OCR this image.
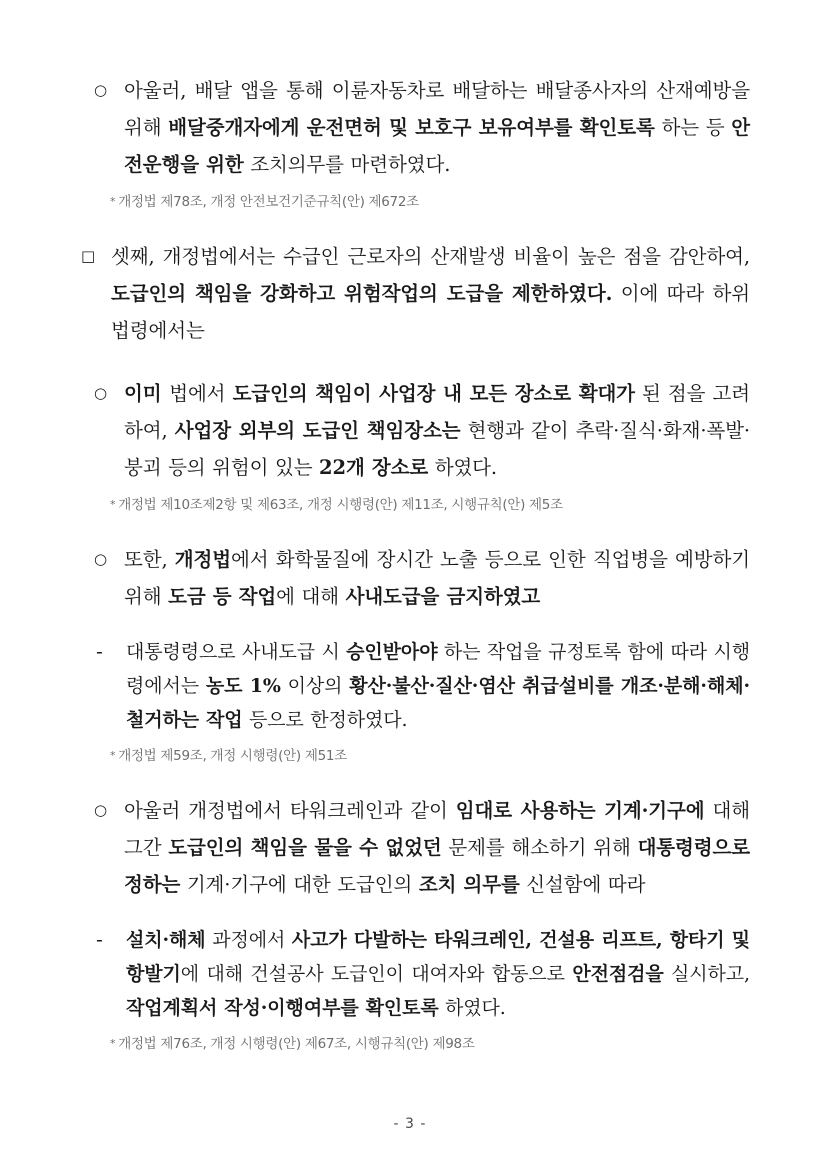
○ 아울러, 배달 앱을 통해 이륜자동차로 배달하는 배달종사자의 산재예방을 위해 배달중개자에게 운전면허 및 보호구 보유여부를 확인토록 하는 등 안전운행을 위한 조치의무를 마련하였다.
* 개정법 제78조, 개정 안전보건기준규칙(안) 제672조
□ 셋째, 개정법에서는 수급인 근로자의 산재발생 비율이 높은 점을 감안하여, 도급인의 책임을 강화하고 위험작업의 도급을 제한하였다. 이에 따라 하위법령에서는
○ 이미 법에서 도급인의 책임이 사업장 내 모든 장소로 확대가 된 점을 고려하여, 사업장 외부의 도급인 책임장소는 현행과 같이 추락·질식·화재·폭발·붕괴 등의 위험이 있는 22개 장소로 하였다.
* 개정법 제10조제2항 및 제63조, 개정 시행령(안) 제11조, 시행규칙(안) 제5조
○ 또한, 개정법에서 화학물질에 장시간 노출 등으로 인한 직업병을 예방하기 위해 도금 등 작업에 대해 사내도급을 금지하였고
-	대통령령으로 사내도급 시 승인받아야 하는 작업을 규정토록 함에 따라 시행령에서는 농도 1% 이상의 황산·불산·질산·염산 취급설비를 개조·분해·해체·철거하는 작업 등으로 한정하였다.
* 개정법 제59조, 개정 시행령(안) 제51조
○ 아울러 개정법에서 타워크레인과 같이 임대로 사용하는 기계·기구에 대해 그간 도급인의 책임을 물을 수 없었던 문제를 해소하기 위해 대통령령으로 정하는 기계·기구에 대한 도급인의 조치 의무를 신설함에 따라
-	설치·해체 과정에서 사고가 다발하는 타워크레인, 건설용 리프트, 항타기 및 항발기에 대해 건설공사 도급인이 대여자와 합동으로 안전점검을 실시하고, 작업계획서 작성·이행여부를 확인토록 하였다.
* 개정법 제76조, 개정 시행령(안) 제67조, 시행규칙(안) 제98조
- 3 -
